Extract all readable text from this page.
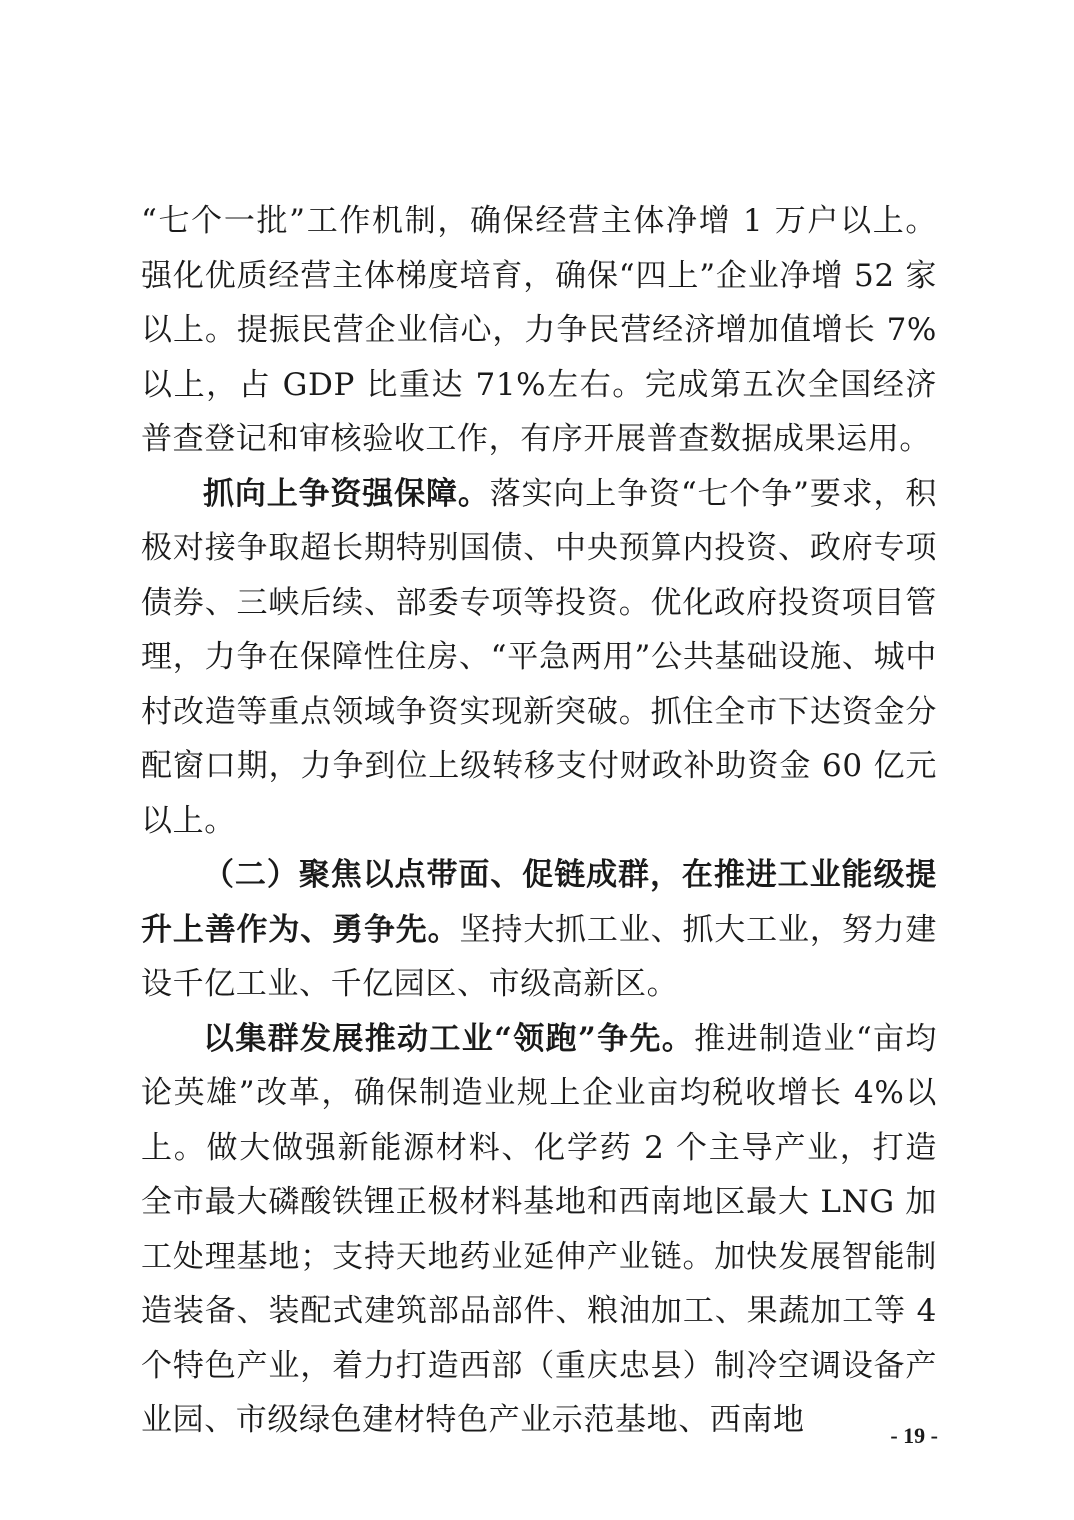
“七个一批”工作机制，确保经营主体净增 1 万户以上。强化优质经营主体梯度培育，确保“四上”企业净增 52 家以上。提振民营企业信心，力争民营经济增加值增长 7%以上，占 GDP 比重达 71%左右。完成第五次全国经济普查登记和审核验收工作，有序开展普查数据成果运用。

抓向上争资强保障。落实向上争资“七个争”要求，积极对接争取超长期特别国债、中央预算内投资、政府专项债券、三峡后续、部委专项等投资。优化政府投资项目管理，力争在保障性住房、“平急两用”公共基础设施、城中村改造等重点领域争资实现新突破。抓住全市下达资金分配窗口期，力争到位上级转移支付财政补助资金 60 亿元以上。

（二）聚焦以点带面、促链成群，在推进工业能级提升上善作为、勇争先。坚持大抓工业、抓大工业，努力建设千亿工业、千亿园区、市级高新区。

以集群发展推动工业“领跑”争先。推进制造业“亩均论英雄”改革，确保制造业规上企业亩均税收增长 4%以上。做大做强新能源材料、化学药 2 个主导产业，打造全市最大磷酸铁锂正极材料基地和西南地区最大 LNG 加工处理基地；支持天地药业延伸产业链。加快发展智能制造装备、装配式建筑部品部件、粮油加工、果蔬加工等 4 个特色产业，着力打造西部（重庆忠县）制冷空调设备产业园、市级绿色建材特色产业示范基地、西南地	- 19 -
